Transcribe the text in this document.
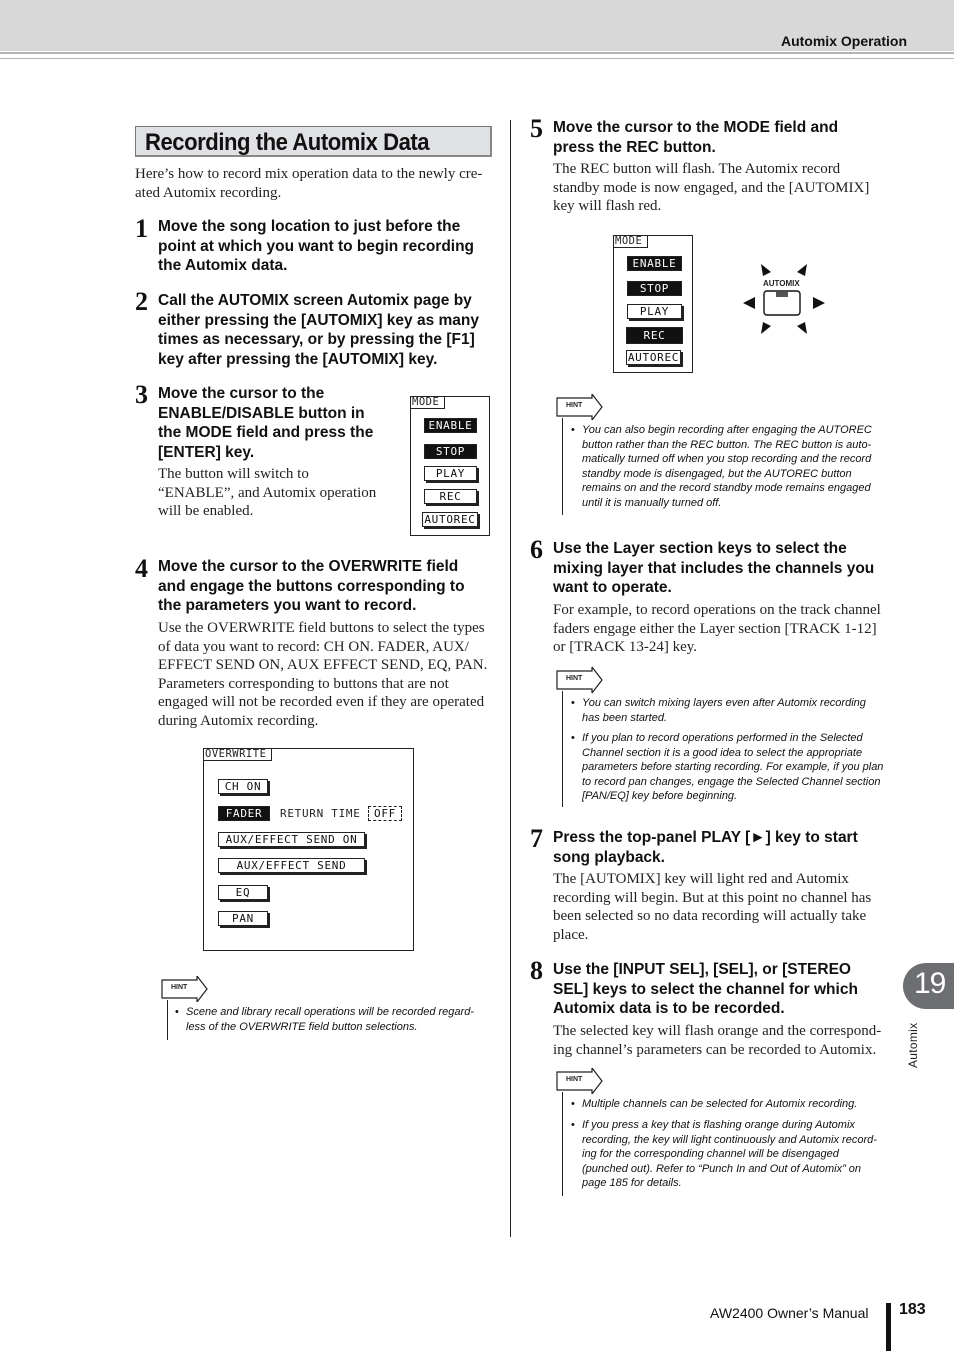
Automix Operation
Recording the Automix Data
Here’s how to record mix operation data to the newly cre-
ated Automix recording.
1 Move the song location to just before the
point at which you want to begin recording
the Automix data.
2 Call the AUTOMIX screen Automix page by
either pressing the [AUTOMIX] key as many
times as necessary, or by pressing the [F1]
key after pressing the [AUTOMIX] key.
3 Move the cursor to the
ENABLE/DISABLE button in
the MODE field and press the
[ENTER] key.
The button will switch to
“ENABLE”, and Automix operation
will be enabled.
MODE
ENABLE
STOP
PLAY
REC
AUTOREC
4 Move the cursor to the OVERWRITE field
and engage the buttons corresponding to
the parameters you want to record.
Use the OVERWRITE field buttons to select the types
of data you want to record: CH ON. FADER, AUX/
EFFECT SEND ON, AUX EFFECT SEND, EQ, PAN.
Parameters corresponding to buttons that are not
engaged will not be recorded even if they are operated
during Automix recording.
OVERWRITE
CH ON
FADER	RETURN TIME	OFF
AUX/EFFECT SEND ON
AUX/EFFECT SEND
EQ
PAN
HINT
• Scene and library recall operations will be recorded regard-
less of the OVERWRITE field button selections.
5 Move the cursor to the MODE field and
press the REC button.
The REC button will flash. The Automix record
standby mode is now engaged, and the [AUTOMIX]
key will flash red.
MODE
ENABLE
STOP
PLAY
REC
AUTOREC
AUTOMIX
HINT
• You can also begin recording after engaging the AUTOREC
button rather than the REC button. The REC button is auto-
matically turned off when you stop recording and the record
standby mode is disengaged, but the AUTOREC button
remains on and the record standby mode remains engaged
until it is manually turned off.
6 Use the Layer section keys to select the
mixing layer that includes the channels you
want to operate.
For example, to record operations on the track channel
faders engage either the Layer section [TRACK 1-12]
or [TRACK 13-24] key.
HINT
• You can switch mixing layers even after Automix recording
has been started.
• If you plan to record operations performed in the Selected
Channel section it is a good idea to select the appropriate
parameters before starting recording. For example, if you plan
to record pan changes, engage the Selected Channel section
[PAN/EQ] key before beginning.
7 Press the top-panel PLAY [►] key to start
song playback.
The [AUTOMIX] key will light red and Automix
recording will begin. But at this point no channel has
been selected so no data recording will actually take
place.
8 Use the [INPUT SEL], [SEL], or [STEREO
SEL] keys to select the channel for which
Automix data is to be recorded.
The selected key will flash orange and the correspond-
ing channel’s parameters can be recorded to Automix.
HINT
• Multiple channels can be selected for Automix recording.
• If you press a key that is flashing orange during Automix
recording, the key will light continuously and Automix record-
ing for the corresponding channel will be disengaged
(punched out). Refer to “Punch In and Out of Automix” on
page 185 for details.
19
Automix
AW2400 Owner’s Manual 183
